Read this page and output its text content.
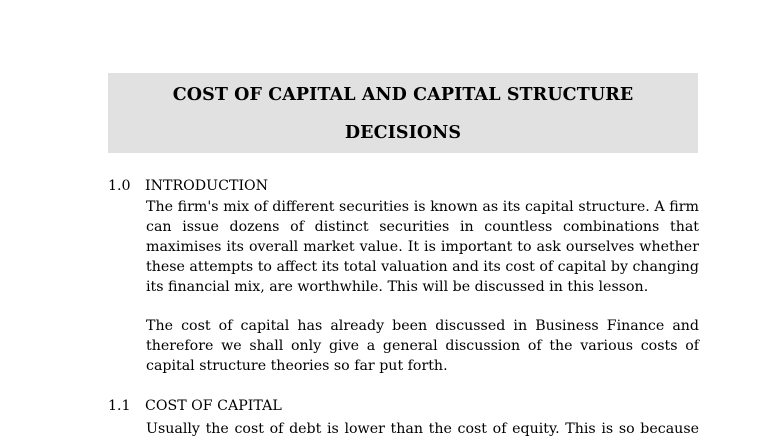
COST OF CAPITAL AND CAPITAL STRUCTURE
DECISIONS
1.0 INTRODUCTION
The firm's mix of different securities is known as its capital structure. A firm
can issue dozens of distinct securities in countless combinations that
maximises its overall market value. It is important to ask ourselves whether
these attempts to affect its total valuation and its cost of capital by changing
its financial mix, are worthwhile. This will be discussed in this lesson.
The cost of capital has already been discussed in Business Finance and
therefore we shall only give a general discussion of the various costs of
capital structure theories so far put forth.
1.1 COST OF CAPITAL
Usually the cost of debt is lower than the cost of equity. This is so because
